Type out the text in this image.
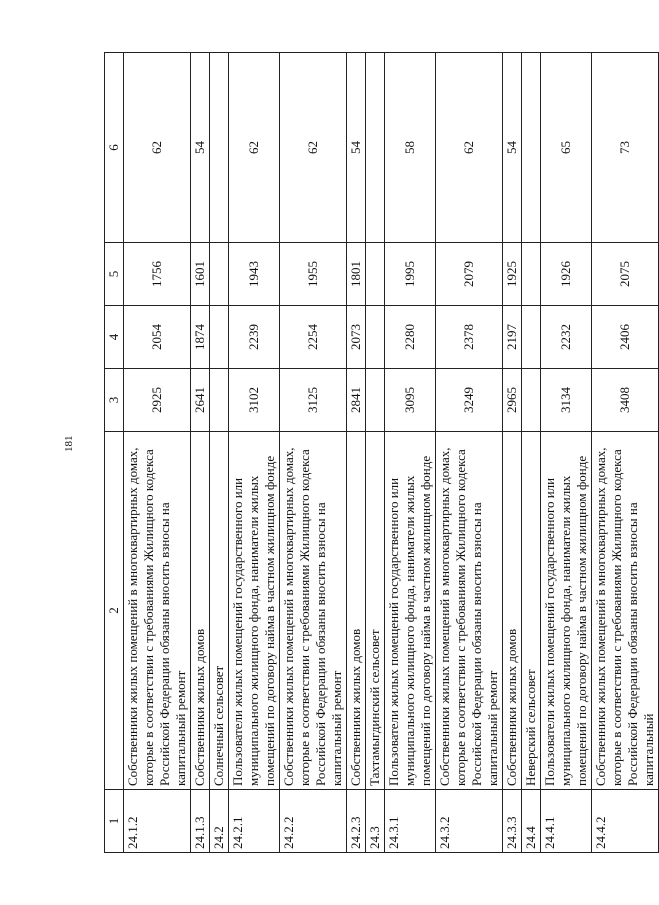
181
1	2	3	4	5	6
24.1.2	Собственники жилых помещений в многоквартирных домах, которые в соответствии с требованиями Жилищного кодекса Российской Федерации обязаны вносить взносы на капитальный ремонт	2925	2054	1756	62
24.1.3	Собственники жилых домов	2641	1874	1601	54
24.2	Солнечный сельсовет				
24.2.1	Пользователи жилых помещений государственного или муниципального жилищного фонда, наниматели жилых помещений по договору найма в частном жилищном фонде	3102	2239	1943	62
24.2.2	Собственники жилых помещений в многоквартирных домах, которые в соответствии с требованиями Жилищного кодекса Российской Федерации обязаны вносить взносы на капитальный ремонт	3125	2254	1955	62
24.2.3	Собственники жилых домов	2841	2073	1801	54
24.3	Тахтамыгдинский сельсовет				
24.3.1	Пользователи жилых помещений государственного или муниципального жилищного фонда, наниматели жилых помещений по договору найма в частном жилищном фонде	3095	2280	1995	58
24.3.2	Собственники жилых помещений в многоквартирных домах, которые в соответствии с требованиями Жилищного кодекса Российской Федерации обязаны вносить взносы на капитальный ремонт	3249	2378	2079	62
24.3.3	Собственники жилых домов	2965	2197	1925	54
24.4	Неверский сельсовет				
24.4.1	Пользователи жилых помещений государственного или муниципального жилищного фонда, наниматели жилых помещений по договору найма в частном жилищном фонде	3134	2232	1926	65
24.4.2	Собственники жилых помещений в многоквартирных домах, которые в соответствии с требованиями Жилищного кодекса Российской Федерации обязаны вносить взносы на капитальный	3408	2406	2075	73
